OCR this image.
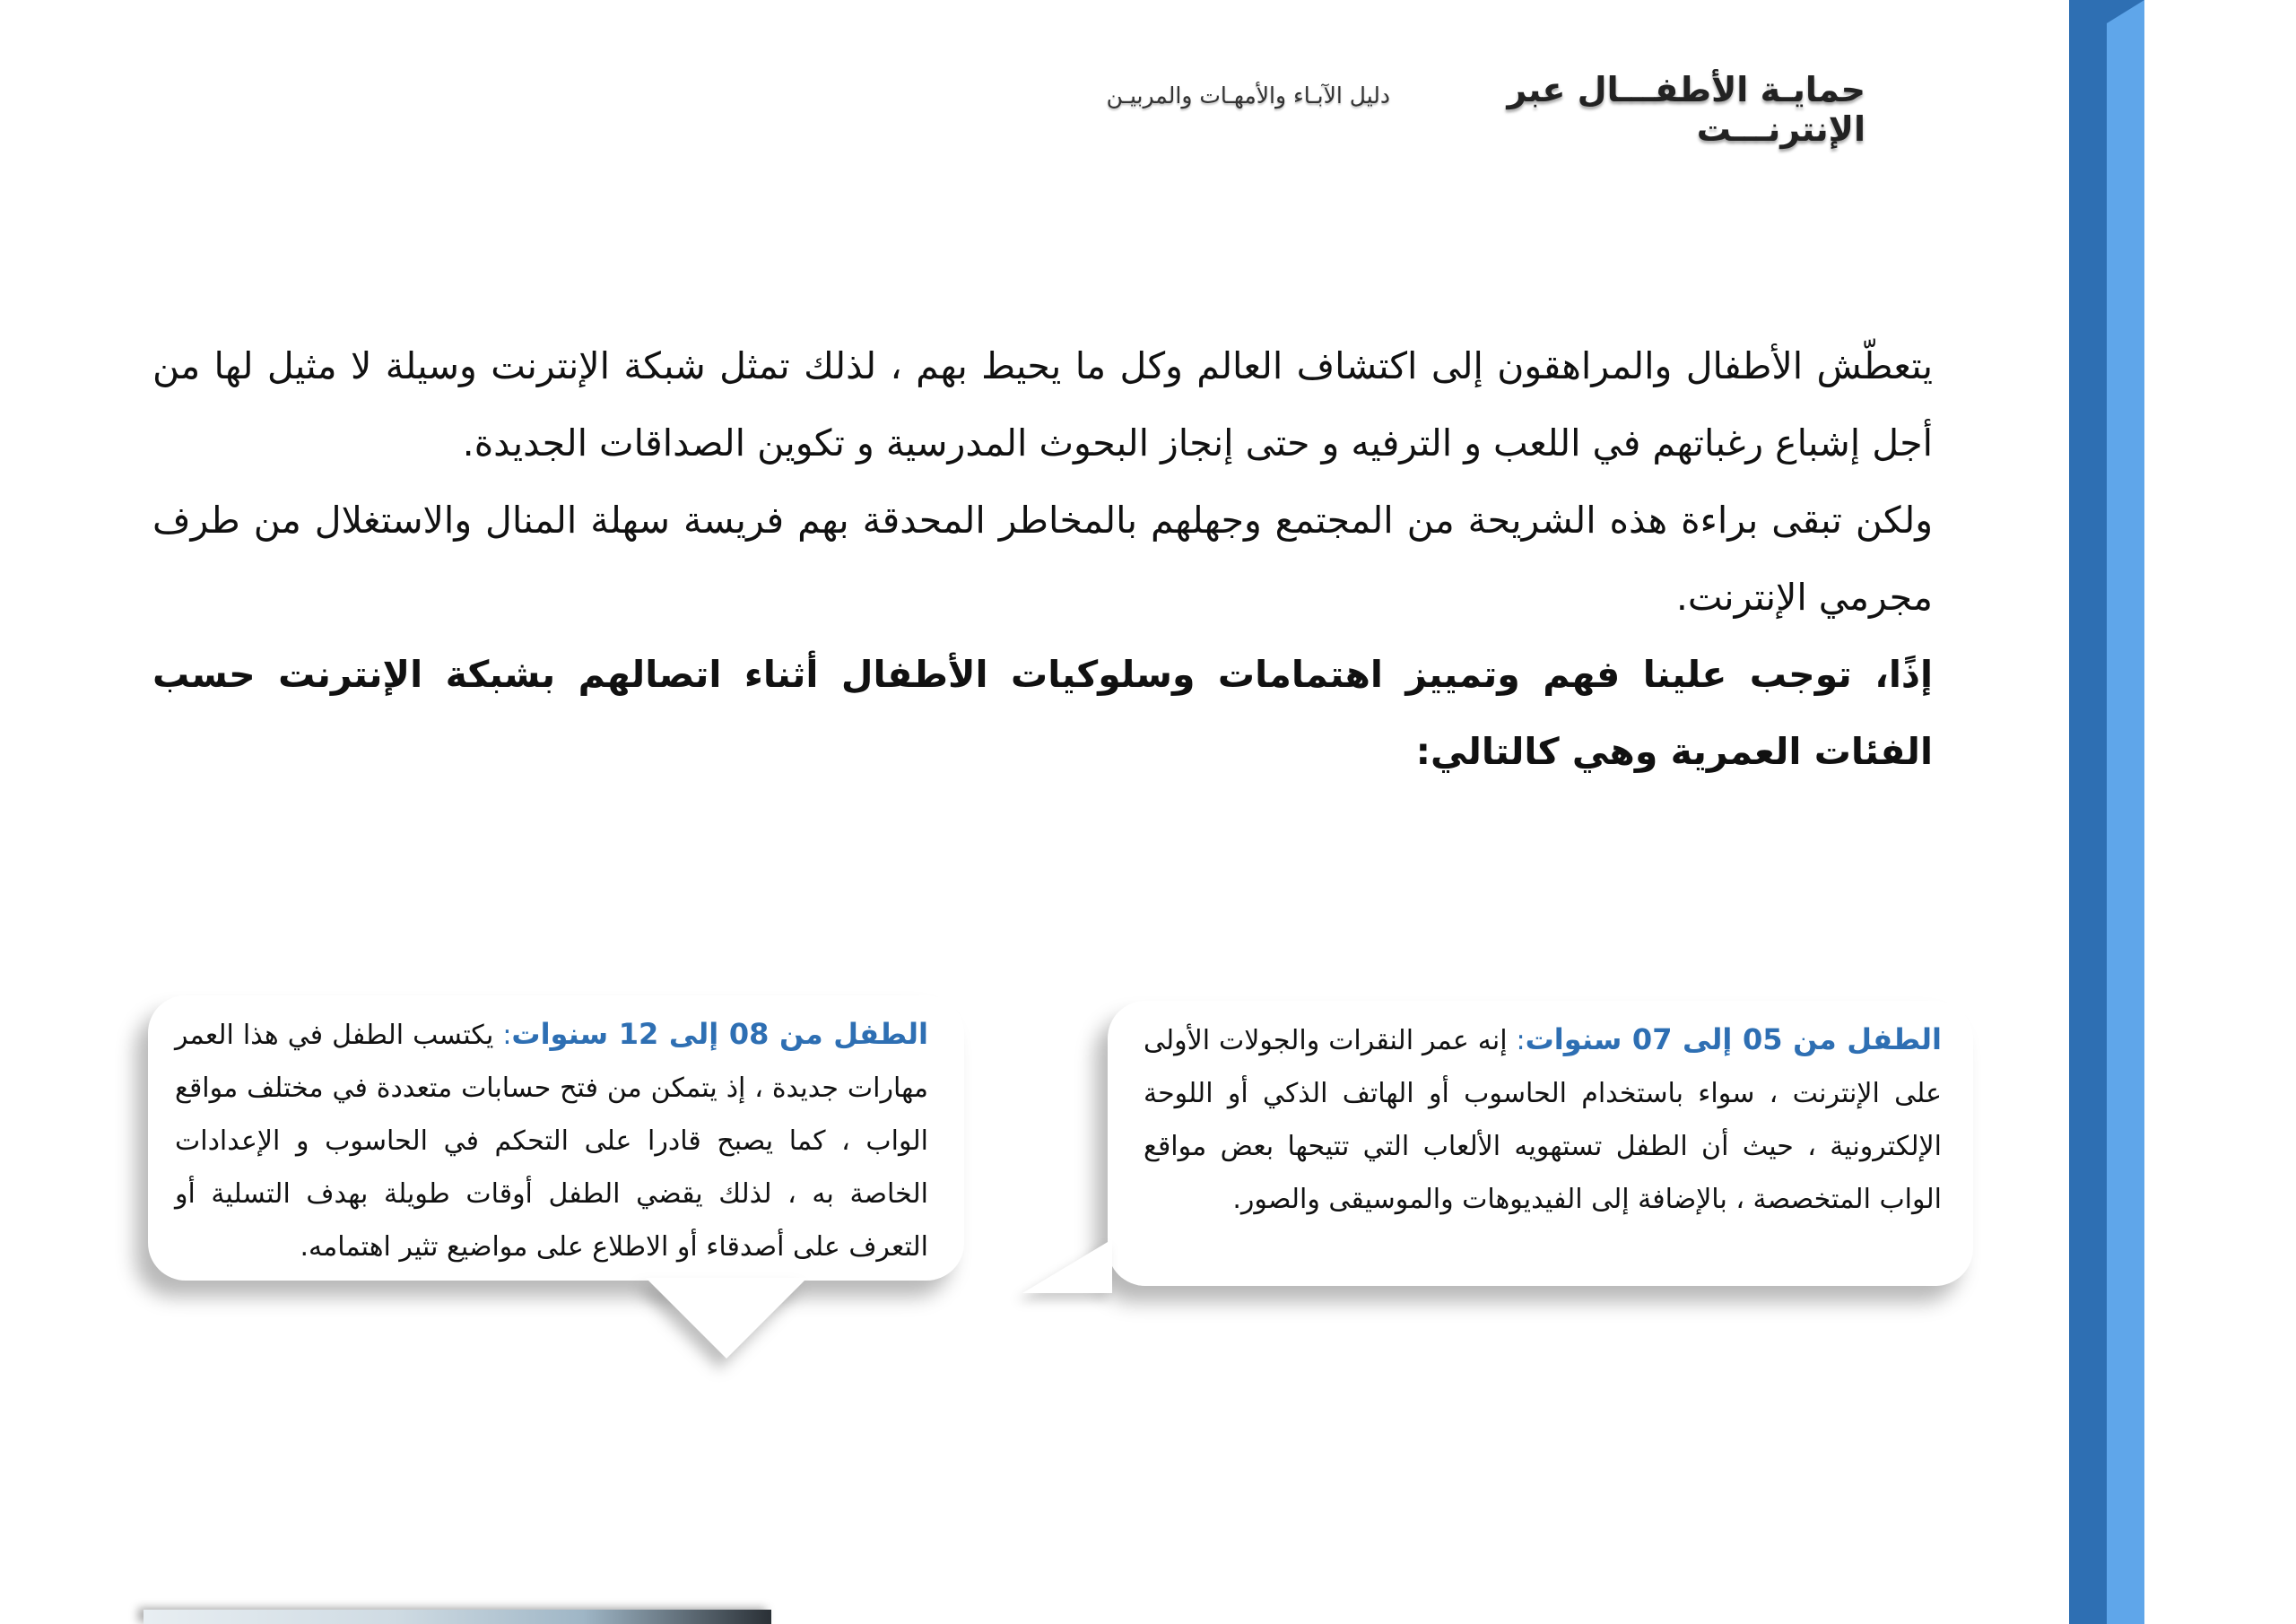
حمايـة الأطفـــال عبر الإنترنـــت
دليل الآبـاء والأمهـات والمربيـن

يتعطّش الأطفال والمراهقون إلى اكتشاف العالم وكل ما يحيط بهم ، لذلك تمثل شبكة الإنترنت وسيلة لا مثيل لها من أجل إشباع رغباتهم في اللعب و الترفيه و حتى إنجاز البحوث المدرسية و تكوين الصداقات الجديدة.

ولكن تبقى براءة هذه الشريحة من المجتمع وجهلهم بالمخاطر المحدقة بهم فريسة سهلة المنال والاستغلال من طرف مجرمي الإنترنت.

إذًا، توجب علينا فهم وتمييز اهتمامات وسلوكيات الأطفال أثناء اتصالهم بشبكة الإنترنت حسب الفئات العمرية وهي كالتالي:

الطفل من 05 إلى 07 سنوات: إنه عمر النقرات والجولات الأولى على الإنترنت ، سواء باستخدام الحاسوب أو الهاتف الذكي أو اللوحة الإلكترونية ، حيث أن الطفل تستهويه الألعاب التي تتيحها بعض مواقع الواب المتخصصة ، بالإضافة إلى الفيديوهات والموسيقى والصور.

الطفل من 08 إلى 12 سنوات: يكتسب الطفل في هذا العمر مهارات جديدة ، إذ يتمكن من فتح حسابات متعددة في مختلف مواقع الواب ، كما يصبح قادرا على التحكم في الحاسوب و الإعدادات الخاصة به ، لذلك يقضي الطفل أوقات طويلة بهدف التسلية أو التعرف على أصدقاء أو الاطلاع على مواضيع تثير اهتمامه.
